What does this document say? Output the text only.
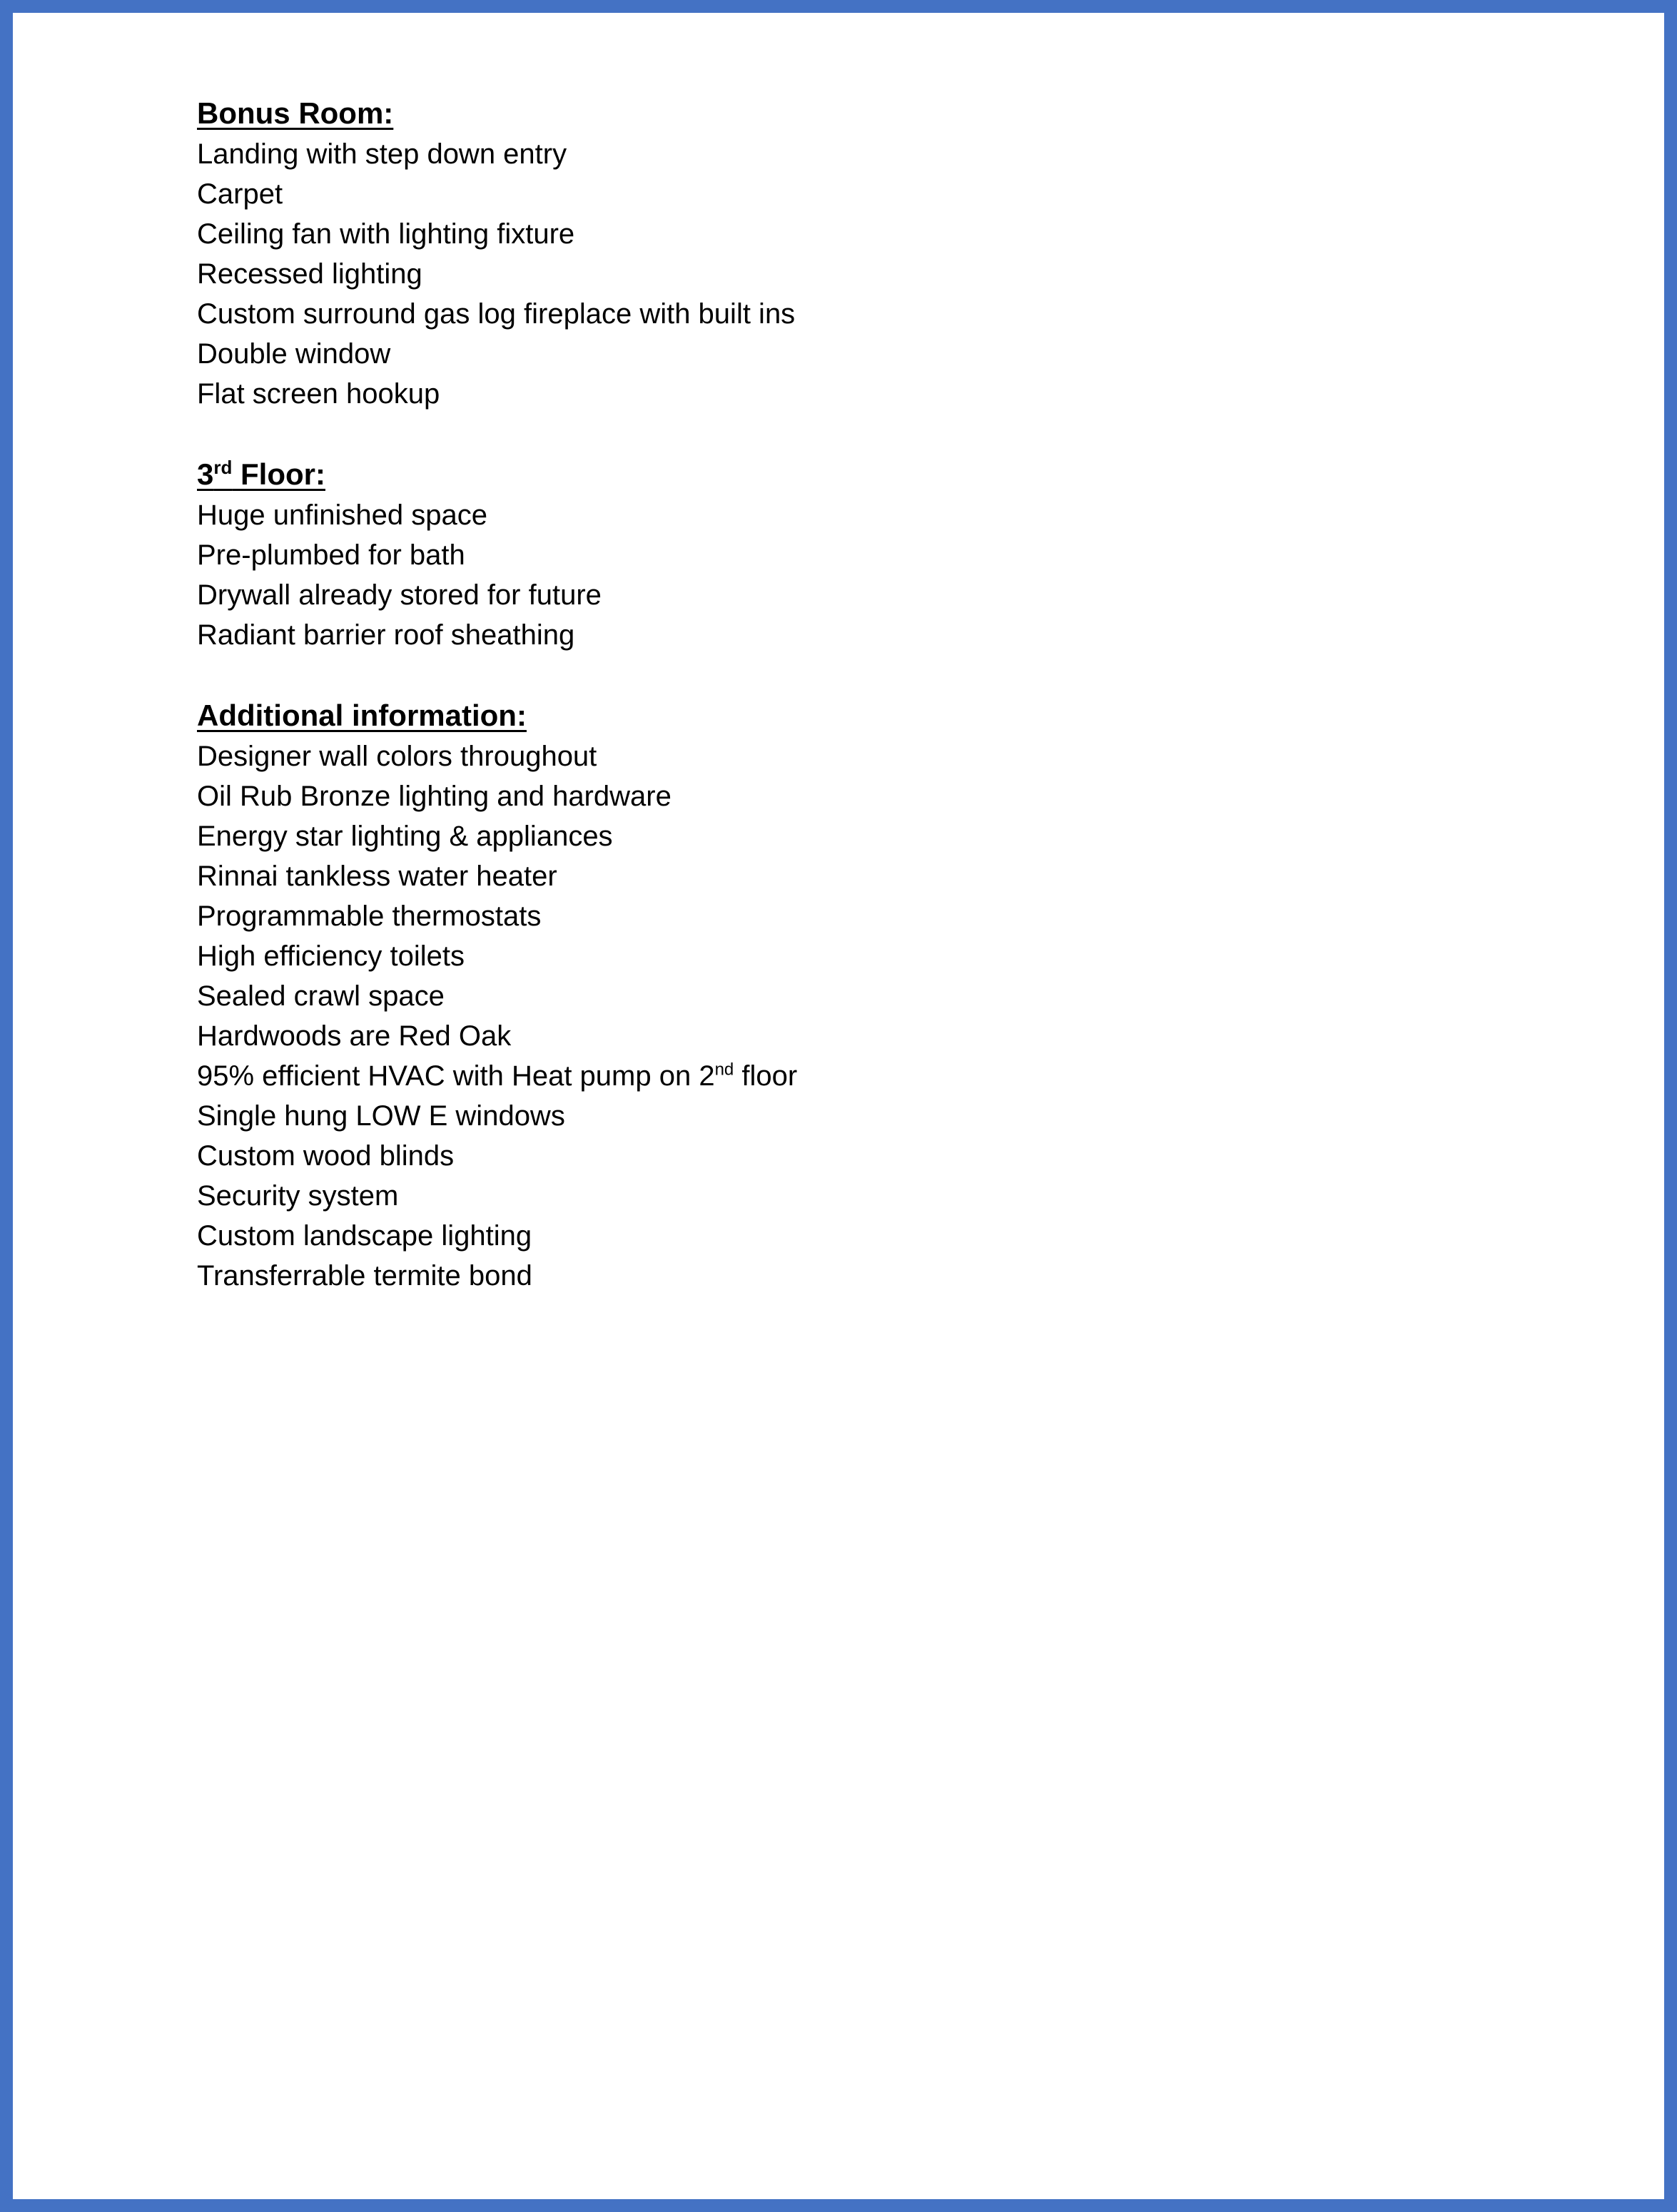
Bonus Room:
Landing with step down entry
Carpet
Ceiling fan with lighting fixture
Recessed lighting
Custom surround gas log fireplace with built ins
Double window
Flat screen hookup
3rd Floor:
Huge unfinished space
Pre-plumbed for bath
Drywall already stored for future
Radiant barrier roof sheathing
Additional information:
Designer wall colors throughout
Oil Rub Bronze lighting and hardware
Energy star lighting & appliances
Rinnai tankless water heater
Programmable thermostats
High efficiency toilets
Sealed crawl space
Hardwoods are Red Oak
95% efficient HVAC with Heat pump on 2nd floor
Single hung LOW E windows
Custom wood blinds
Security system
Custom landscape lighting
Transferrable termite bond
